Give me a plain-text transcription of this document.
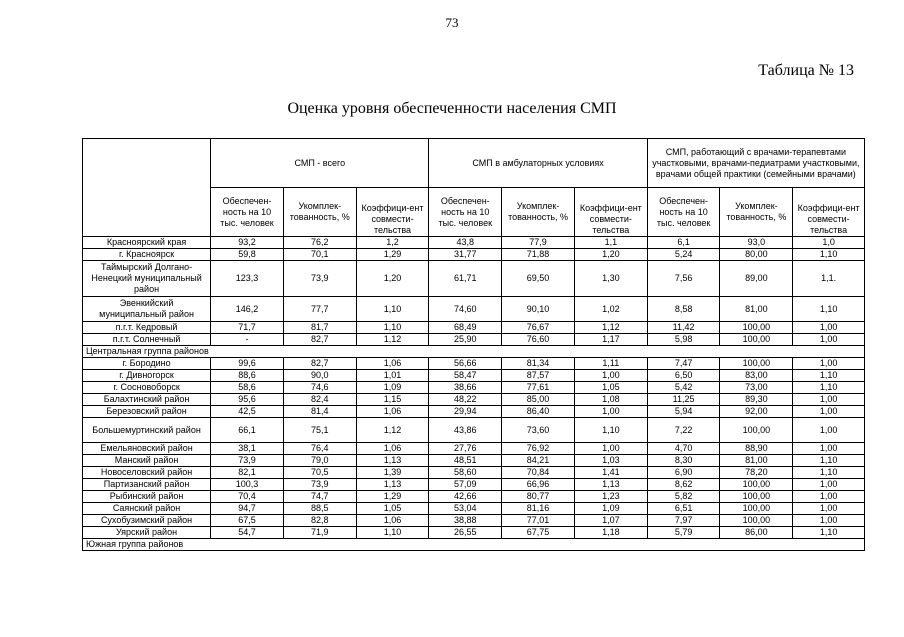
73
Таблица № 13
Оценка уровня обеспеченности населения СМП
	СМП - всего			СМП в амбулаторных условиях			СМП, работающий с врачами-терапевтами участковыми, врачами-педиатрами участковыми, врачами общей практики (семейными врачами)		
	Обеспечен-ность на 10 тыс. человек	Укомплек-тованность, %	Коэффици-ент совмести-тельства	Обеспечен-ность на 10 тыс. человек	Укомплек-тованность, %	Коэффици-ент совмести-тельства	Обеспечен-ность на 10 тыс. человек	Укомплек-тованность, %	Коэффици-ент совмести-тельства
Красноярский края	93,2	76,2	1,2	43,8	77,9	1,1	6,1	93,0	1,0
г. Красноярск	59,8	70,1	1,29	31,77	71,88	1,20	5,24	80,00	1,10
Таймырский Долгано-Ненецкий муниципальный район	123,3	73,9	1,20	61,71	69,50	1,30	7,56	89,00	1,1.
Эвенкийский муниципальный район	146,2	77,7	1,10	74,60	90,10	1,02	8,58	81,00	1,10
п.г.т. Кедровый	71,7	81,7	1,10	68,49	76,67	1,12	11,42	100,00	1,00
п.г.т. Солнечный	-	82,7	1,12	25,90	76,60	1,17	5,98	100,00	1,00
Центральная группа районов									
г. Бородино	99,6	82,7	1,06	56,66	81,34	1,11	7,47	100,00	1,00
г. Дивногорск	88,6	90,0	1,01	58,47	87,57	1,00	6,50	83,00	1,10
г. Сосновоборск	58,6	74,6	1,09	38,66	77,61	1,05	5,42	73,00	1,10
Балахтинский район	95,6	82,4	1,15	48,22	85,00	1,08	11,25	89,30	1,00
Березовский район	42,5	81,4	1,06	29,94	86,40	1,00	5,94	92,00	1,00
Большемуртинский район	66,1	75,1	1,12	43,86	73,60	1,10	7,22	100,00	1,00
Емельяновский район	38,1	76,4	1,06	27,76	76,92	1,00	4,70	88,90	1,00
Манский район	73,9	79,0	1,13	48,51	84,21	1,03	8,30	81,00	1,10
Новоселовский район	82,1	70,5	1,39	58,60	70,84	1,41	6,90	78,20	1,10
Партизанский район	100,3	73,9	1,13	57,09	66,96	1,13	8,62	100,00	1,00
Рыбинский район	70,4	74,7	1,29	42,66	80,77	1,23	5,82	100,00	1,00
Саянский район	94,7	88,5	1,05	53,04	81,16	1,09	6,51	100,00	1,00
Сухобузимский район	67,5	82,8	1,06	38,88	77,01	1,07	7,97	100,00	1,00
Уярский район	54,7	71,9	1,10	26,55	67,75	1,18	5,79	86,00	1,10
Южная группа районов									
